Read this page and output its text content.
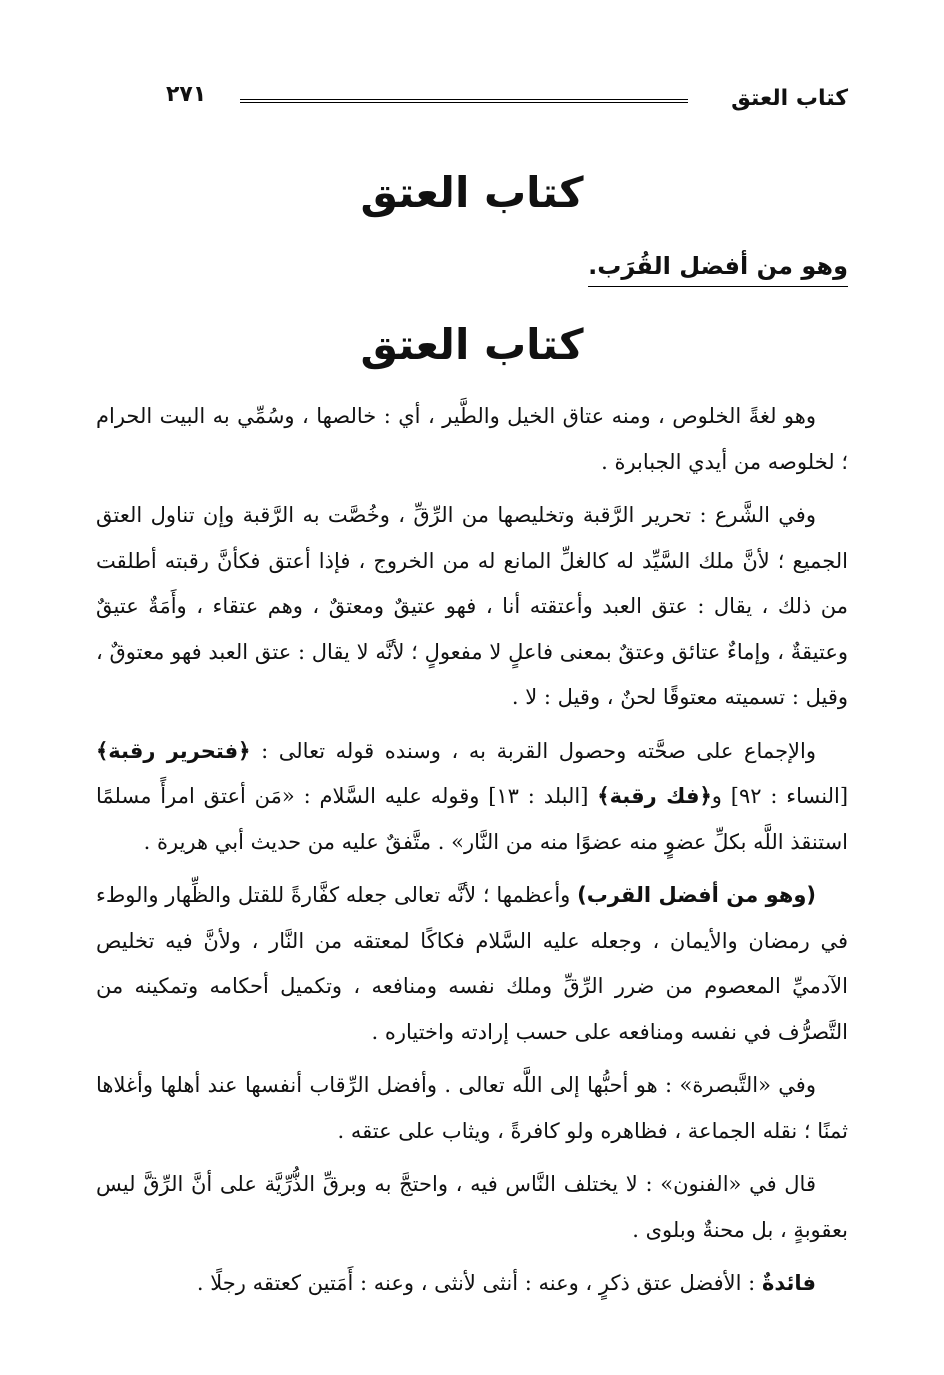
كتاب العتق
٢٧١
كتاب العتق
وهو من أفضل القُرَب.
كتاب العتق

وهو لغةً الخلوص ، ومنه عتاق الخيل والطَّير ، أي : خالصها ، وسُمِّي به البيت الحرام ؛ لخلوصه من أيدي الجبابرة .

وفي الشَّرع : تحرير الرَّقبة وتخليصها من الرِّقِّ ، وخُصَّت به الرَّقبة وإن تناول العتق الجميع ؛ لأنَّ ملك السَّيِّد له كالغلِّ المانع له من الخروج ، فإذا أعتق فكأنَّ رقبته أطلقت من ذلك ، يقال : عتق العبد وأعتقته أنا ، فهو عتيقٌ ومعتقٌ ، وهم عتقاء ، وأَمَةٌ عتيقٌ وعتيقةٌ ، وإماءٌ عتائق وعتقٌ بمعنى فاعلٍ لا مفعولٍ ؛ لأنَّه لا يقال : عتق العبد فهو معتوقٌ ، وقيل : تسميته معتوقًا لحنٌ ، وقيل : لا .

والإجماع على صحَّته وحصول القربة به ، وسنده قوله تعالى : ﴿فتحرير رقبة﴾ [النساء : ٩٢] و﴿فك رقبة﴾ [البلد : ١٣] وقوله عليه السَّلام : «مَن أعتق امرأً مسلمًا استنقذ اللَّه بكلِّ عضوٍ منه عضوًا منه من النَّار» . متَّفقٌ عليه من حديث أبي هريرة .

(وهو من أفضل القرب) وأعظمها ؛ لأنَّه تعالى جعله كفَّارةً للقتل والظِّهار والوطء في رمضان والأيمان ، وجعله عليه السَّلام فكاكًا لمعتقه من النَّار ، ولأنَّ فيه تخليص الآدميِّ المعصوم من ضرر الرِّقِّ وملك نفسه ومنافعه ، وتكميل أحكامه وتمكينه من التَّصرُّف في نفسه ومنافعه على حسب إرادته واختياره .

وفي «التَّبصرة» : هو أحبُّها إلى اللَّه تعالى . وأفضل الرِّقاب أنفسها عند أهلها وأغلاها ثمنًا ؛ نقله الجماعة ، فظاهره ولو كافرةً ، ويثاب على عتقه .

قال في «الفنون» : لا يختلف النَّاس فيه ، واحتجَّ به وبرقِّ الذُّرِّيَّة على أنَّ الرِّقَّ ليس بعقوبةٍ ، بل محنةٌ وبلوى .

فائدةٌ : الأفضل عتق ذكرٍ ، وعنه : أنثى لأنثى ، وعنه : أَمَتين كعتقه رجلًا .
